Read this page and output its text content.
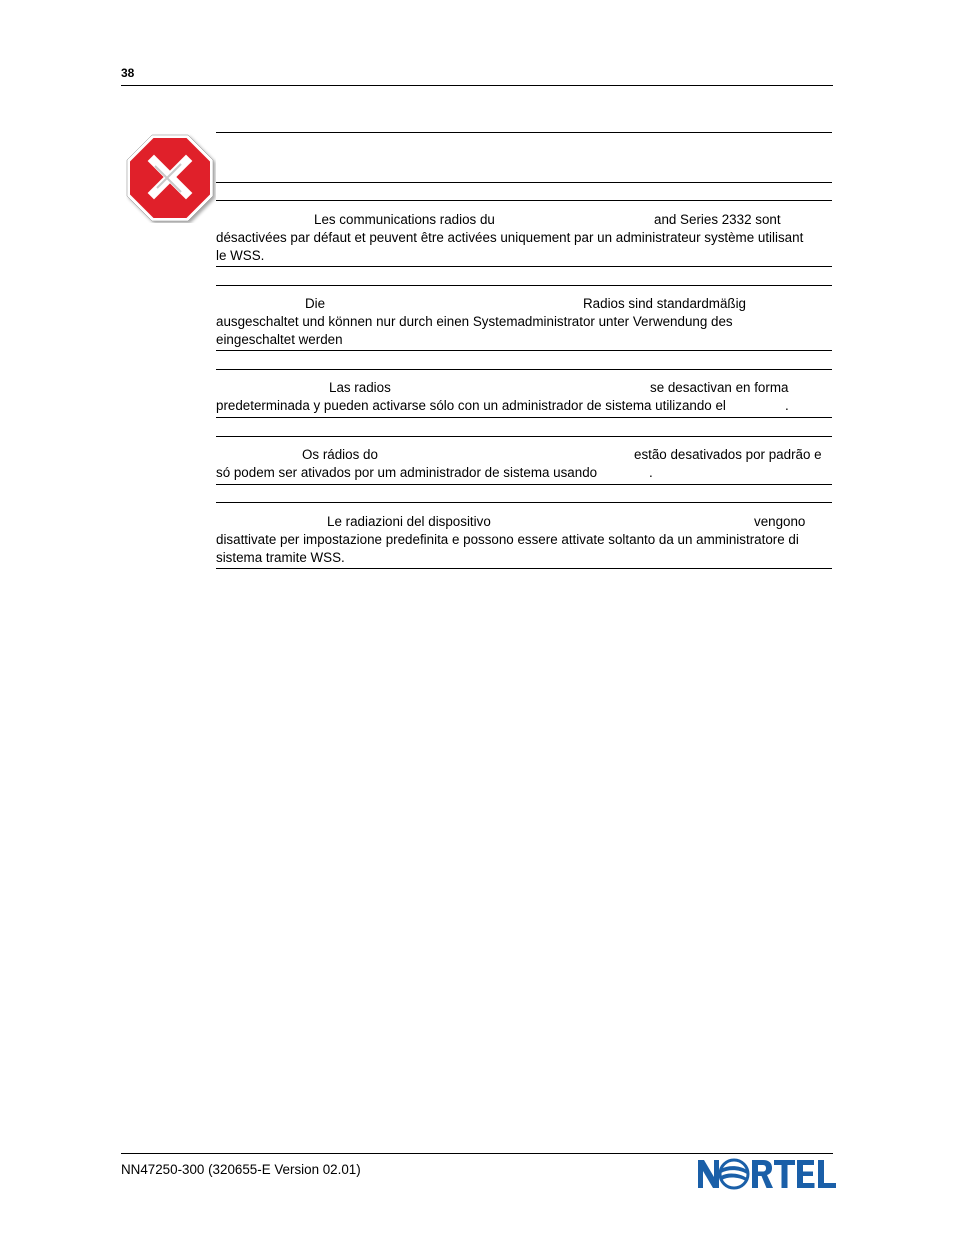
38
Les communications radios du	and Series 2332 sont
désactivées par défaut et peuvent être activées uniquement par un administrateur système utilisant
le WSS.
Die	Radios sind standardmäßig
ausgeschaltet und können nur durch einen Systemadministrator unter Verwendung des
eingeschaltet werden
Las radios	se desactivan en forma
predeterminada y pueden activarse sólo con un administrador de sistema utilizando el	.
Os rádios do	estão desativados por padrão e
só podem ser ativados por um administrador de sistema usando	.
Le radiazioni del dispositivo	vengono
disattivate per impostazione predefinita e possono essere attivate soltanto da un amministratore di
sistema tramite WSS.
NN47250-300 (320655-E Version 02.01)
